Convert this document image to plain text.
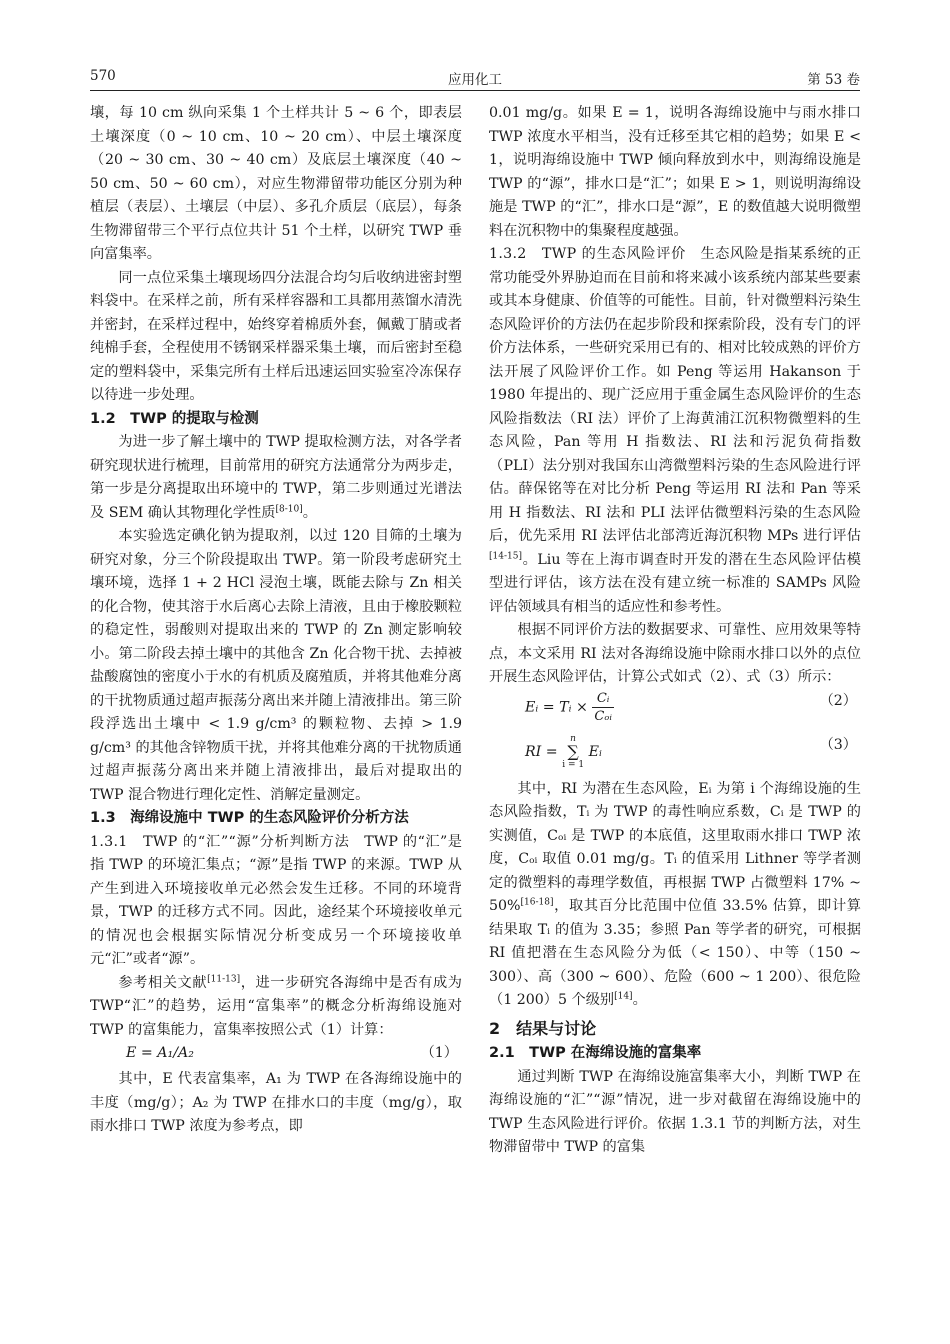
570	应用化工	第 53 卷

壤，每 10 cm 纵向采集 1 个土样共计 5 ~ 6 个，即表层土壤深度（0 ~ 10 cm、10 ~ 20 cm）、中层土壤深度（20 ~ 30 cm、30 ~ 40 cm）及底层土壤深度（40 ~ 50 cm、50 ~ 60 cm），对应生物滞留带功能区分别为种植层（表层）、土壤层（中层）、多孔介质层（底层），每条生物滞留带三个平行点位共计 51 个土样，以研究 TWP 垂向富集率。

同一点位采集土壤现场四分法混合均匀后收纳进密封塑料袋中。在采样之前，所有采样容器和工具都用蒸馏水清洗并密封，在采样过程中，始终穿着棉质外套，佩戴丁腈或者纯棉手套，全程使用不锈钢采样器采集土壤，而后密封至稳定的塑料袋中，采集完所有土样后迅速运回实验室冷冻保存以待进一步处理。

1.2　TWP 的提取与检测

为进一步了解土壤中的 TWP 提取检测方法，对各学者研究现状进行梳理，目前常用的研究方法通常分为两步走，第一步是分离提取出环境中的 TWP，第二步则通过光谱法及 SEM 确认其物理化学性质[8-10]。

本实验选定碘化钠为提取剂，以过 120 目筛的土壤为研究对象，分三个阶段提取出 TWP。第一阶段考虑研究土壤环境，选择 1 + 2 HCl 浸泡土壤，既能去除与 Zn 相关的化合物，使其溶于水后离心去除上清液，且由于橡胶颗粒的稳定性，弱酸则对提取出来的 TWP 的 Zn 测定影响较小。第二阶段去掉土壤中的其他含 Zn 化合物干扰、去掉被盐酸腐蚀的密度小于水的有机质及腐殖质，并将其他难分离的干扰物质通过超声振荡分离出来并随上清液排出。第三阶段浮选出土壤中 < 1.9 g/cm³ 的颗粒物、去掉 > 1.9 g/cm³ 的其他含锌物质干扰，并将其他难分离的干扰物质通过超声振荡分离出来并随上清液排出，最后对提取出的 TWP 混合物进行理化定性、消解定量测定。

1.3　海绵设施中 TWP 的生态风险评价分析方法

1.3.1　TWP 的“汇”“源”分析判断方法　 TWP 的“汇”是指 TWP 的环境汇集点；“源”是指 TWP 的来源。TWP 从产生到进入环境接收单元必然会发生迁移。不同的环境背景，TWP 的迁移方式不同。因此，途经某个环境接收单元的情况也会根据实际情况分析变成另一个环境接收单元“汇”或者“源”。

参考相关文献[11-13]，进一步研究各海绵中是否有成为 TWP“汇”的趋势，运用“富集率”的概念分析海绵设施对 TWP 的富集能力，富集率按照公式（1）计算：

E = A₁/A₂	（1）

其中，E 代表富集率，A₁ 为 TWP 在各海绵设施中的丰度（mg/g）；A₂ 为 TWP 在排水口的丰度（mg/g），取雨水排口 TWP 浓度为参考点，即

0.01 mg/g。如果 E = 1，说明各海绵设施中与雨水排口 TWP 浓度水平相当，没有迁移至其它相的趋势；如果 E < 1，说明海绵设施中 TWP 倾向释放到水中，则海绵设施是 TWP 的“源”，排水口是“汇”；如果 E > 1，则说明海绵设施是 TWP 的“汇”，排水口是“源”，E 的数值越大说明微塑料在沉积物中的集聚程度越强。

1.3.2　TWP 的生态风险评价　 生态风险是指某系统的正常功能受外界胁迫而在目前和将来减小该系统内部某些要素或其本身健康、价值等的可能性。目前，针对微塑料污染生态风险评价的方法仍在起步阶段和探索阶段，没有专门的评价方法体系，一些研究采用已有的、相对比较成熟的评价方法开展了风险评价工作。如 Peng 等运用 Hakanson 于 1980 年提出的、现广泛应用于重金属生态风险评价的生态风险指数法（RI 法）评价了上海黄浦江沉积物微塑料的生态风险，Pan 等用 H 指数法、RI 法和污泥负荷指数（PLI）法分别对我国东山湾微塑料污染的生态风险进行评估。薛保铭等在对比分析 Peng 等运用 RI 法和 Pan 等采用 H 指数法、RI 法和 PLI 法评估微塑料污染的生态风险后，优先采用 RI 法评估北部湾近海沉积物 MPs 进行评估[14-15]。Liu 等在上海市调查时开发的潜在生态风险评估模型进行评估，该方法在没有建立统一标准的 SAMPs 风险评估领域具有相当的适应性和参考性。

根据不同评价方法的数据要求、可靠性、应用效果等特点，本文采用 RI 法对各海绵设施中除雨水排口以外的点位开展生态风险评估，计算公式如式（2）、式（3）所示：

Eᵢ = Tᵢ × $\frac{\text{Cᵢ}}{\text{Cₒᵢ}}$	（2）
RI =
n
∑
i = 1
Eᵢ	（3）

其中，RI 为潜在生态风险，Eᵢ 为第 i 个海绵设施的生态风险指数，Tᵢ 为 TWP 的毒性响应系数，Cᵢ 是 TWP 的实测值，Cₒᵢ 是 TWP 的本底值，这里取雨水排口 TWP 浓度，Cₒᵢ 取值 0.01 mg/g。Tᵢ 的值采用 Lithner 等学者测定的微塑料的毒理学数值，再根据 TWP 占微塑料 17% ~ 50%[16-18]，取其百分比范围中位值 33.5% 估算，即计算结果取 Tᵢ 的值为 3.35；参照 Pan 等学者的研究，可根据 RI 值把潜在生态风险分为低（< 150）、中等（150 ~ 300）、高（300 ~ 600）、危险（600 ~ 1 200）、很危险（1 200）5 个级别[14]。

2　结果与讨论

2.1　TWP 在海绵设施的富集率

通过判断 TWP 在海绵设施富集率大小，判断 TWP 在海绵设施的“汇”“源”情况，进一步对截留在海绵设施中的 TWP 生态风险进行评价。依据 1.3.1 节的判断方法，对生物滞留带中 TWP 的富集
